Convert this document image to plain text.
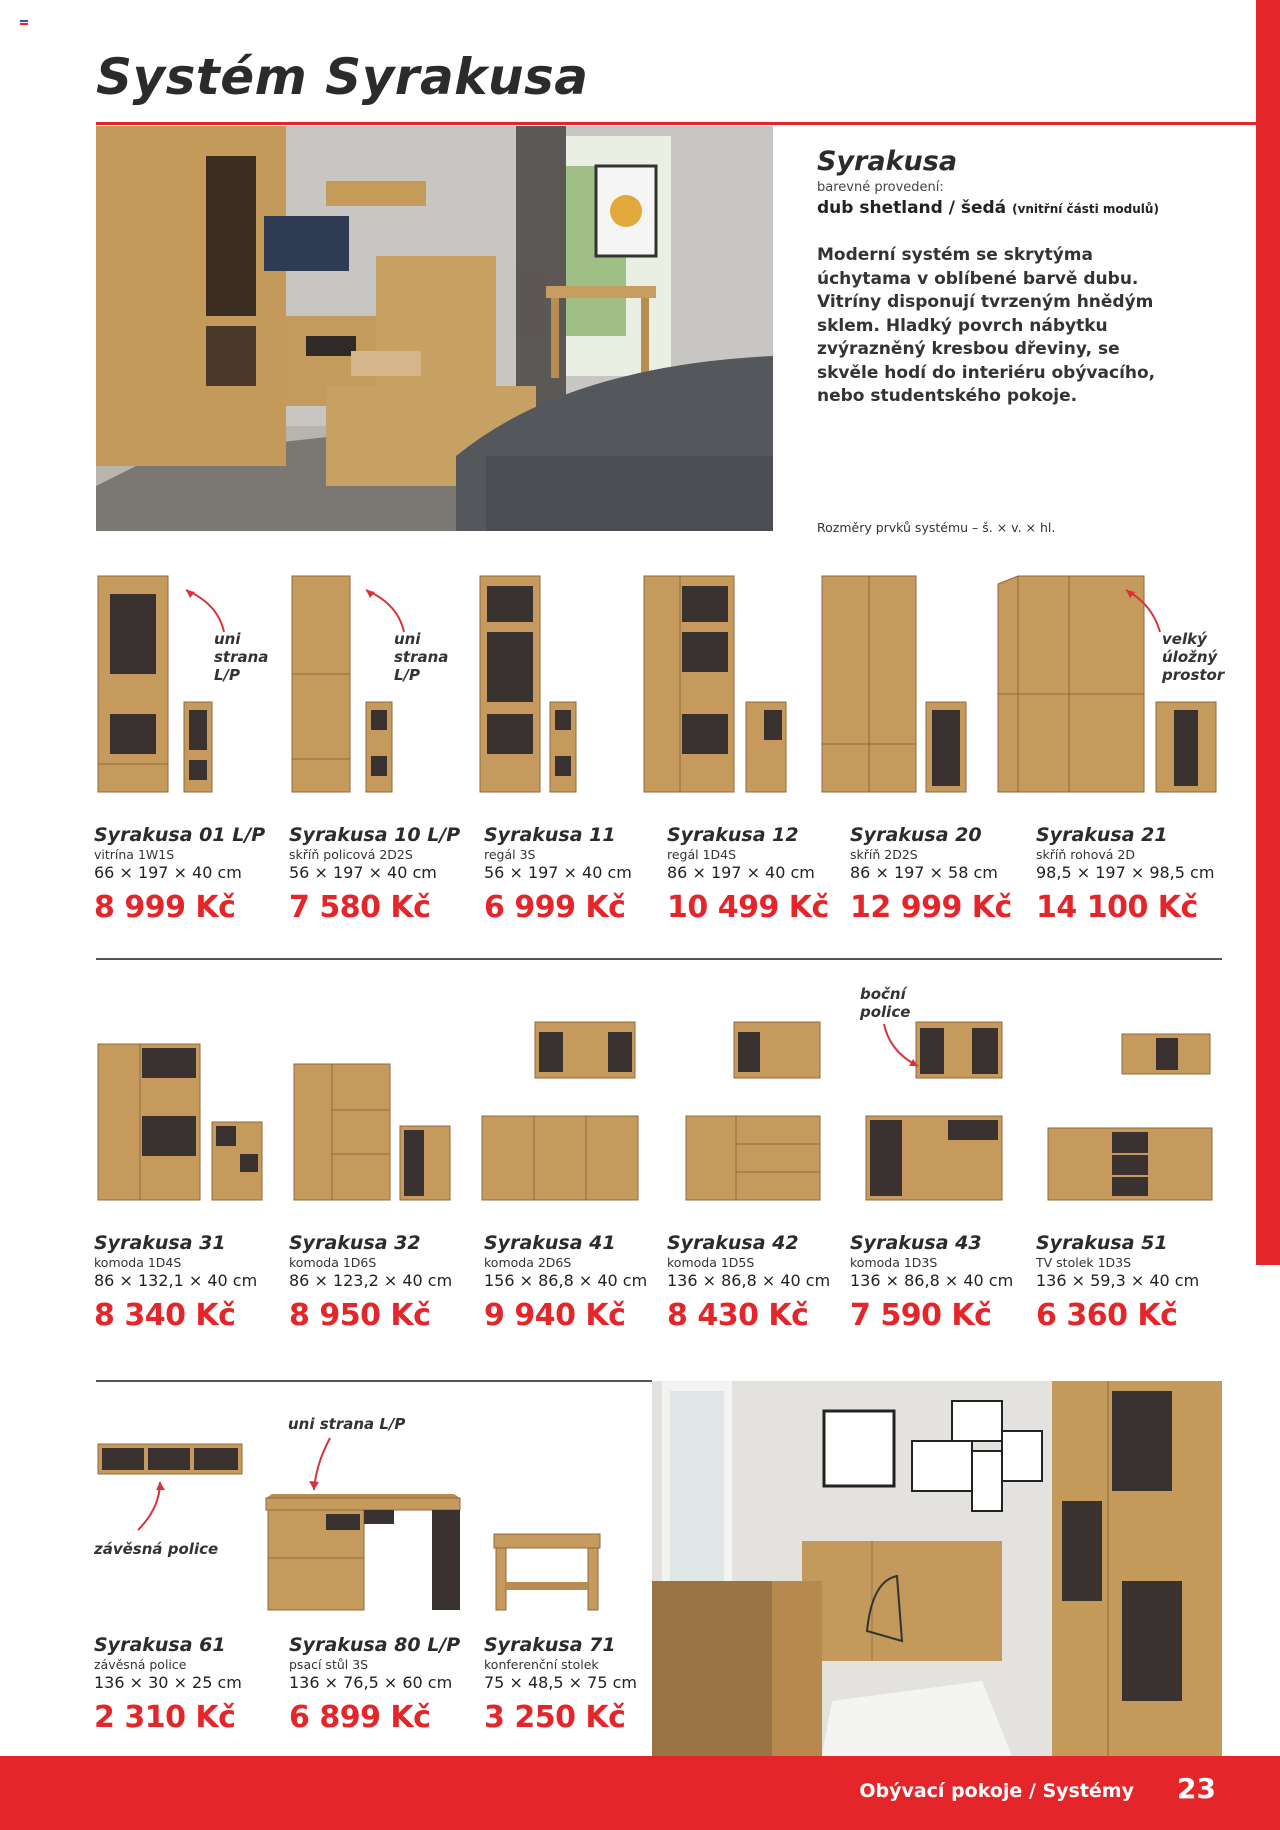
Systém Syrakusa
Syrakusa
barevné provedení:
dub shetland / šedá (vnitřní části modulů)
Moderní systém se skrytýma úchytama v oblíbené barvě dubu. Vitríny disponují tvrzeným hnědým sklem. Hladký povrch nábytku zvýrazněný kresbou dřeviny, se skvěle hodí do interiéru obývacího, nebo studentského pokoje.
Rozměry prvků systému – š. × v. × hl.
uni
strana
L/P
uni
strana
L/P
velký
úložný
prostor
Syrakusa 01 L/P
vitrína 1W1S
66 × 197 × 40 cm
8 999 Kč
Syrakusa 10 L/P
skříň policová 2D2S
56 × 197 × 40 cm
7 580 Kč
Syrakusa 11
regál 3S
56 × 197 × 40 cm
6 999 Kč
Syrakusa 12
regál 1D4S
86 × 197 × 40 cm
10 499 Kč
Syrakusa 20
skříň 2D2S
86 × 197 × 58 cm
12 999 Kč
Syrakusa 21
skříň rohová 2D
98,5 × 197 × 98,5 cm
14 100 Kč
boční
police
Syrakusa 31
komoda 1D4S
86 × 132,1 × 40 cm
8 340 Kč
Syrakusa 32
komoda 1D6S
86 × 123,2 × 40 cm
8 950 Kč
Syrakusa 41
komoda 2D6S
156 × 86,8 × 40 cm
9 940 Kč
Syrakusa 42
komoda 1D5S
136 × 86,8 × 40 cm
8 430 Kč
Syrakusa 43
komoda 1D3S
136 × 86,8 × 40 cm
7 590 Kč
Syrakusa 51
TV stolek 1D3S
136 × 59,3 × 40 cm
6 360 Kč
závěsná police
uni strana L/P
Syrakusa 61
závěsná police
136 × 30 × 25 cm
2 310 Kč
Syrakusa 80 L/P
psací stůl 3S
136 × 76,5 × 60 cm
6 899 Kč
Syrakusa 71
konferenční stolek
75 × 48,5 × 75 cm
3 250 Kč
Obývací pokoje / Systémy 23
